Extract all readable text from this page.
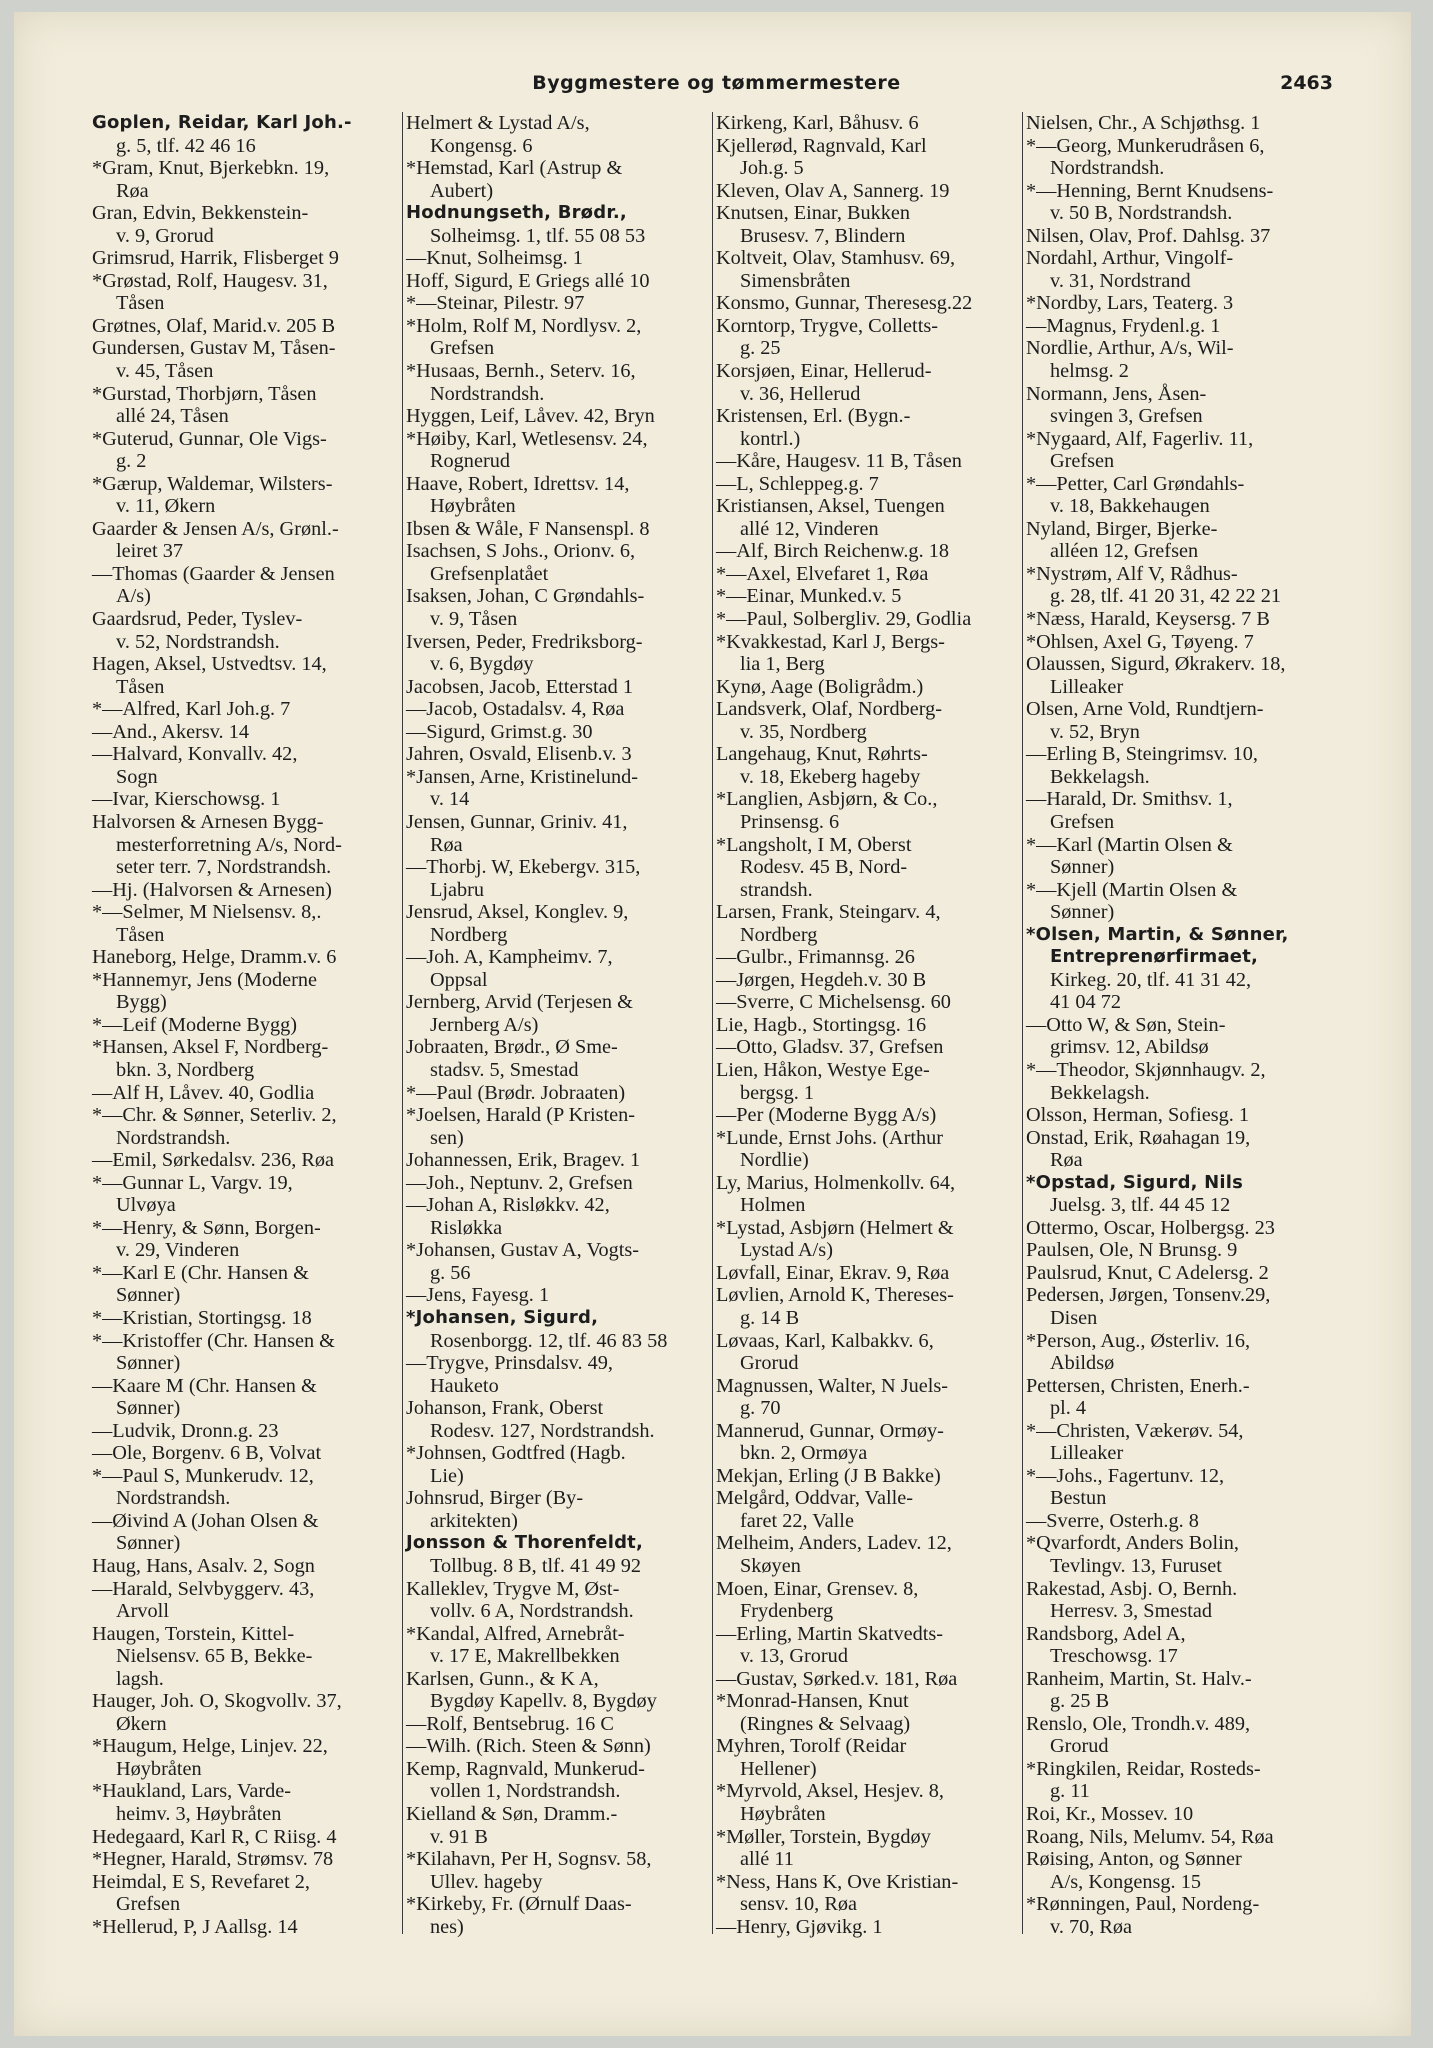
Byggmestere og tømmermestere	2463
Goplen, Reidar, Karl Joh.-
g. 5, tlf. 42 46 16
*Gram, Knut, Bjerkebkn. 19,
Røa
Gran, Edvin, Bekkenstein-
v. 9, Grorud
Grimsrud, Harrik, Flisberget 9
*Grøstad, Rolf, Haugesv. 31,
Tåsen
Grøtnes, Olaf, Marid.v. 205 B
Gundersen, Gustav M, Tåsen-
v. 45, Tåsen
*Gurstad, Thorbjørn, Tåsen
allé 24, Tåsen
*Guterud, Gunnar, Ole Vigs-
g. 2
*Gærup, Waldemar, Wilsters-
v. 11, Økern
Gaarder & Jensen A/s, Grønl.-
leiret 37
—Thomas (Gaarder & Jensen
A/s)
Gaardsrud, Peder, Tyslev-
v. 52, Nordstrandsh.
Hagen, Aksel, Ustvedtsv. 14,
Tåsen
*—Alfred, Karl Joh.g. 7
—And., Akersv. 14
—Halvard, Konvallv. 42,
Sogn
—Ivar, Kierschowsg. 1
Halvorsen & Arnesen Bygg-
mesterforretning A/s, Nord-
seter terr. 7, Nordstrandsh.
—Hj. (Halvorsen & Arnesen)
*—Selmer, M Nielsensv. 8,.
Tåsen
Haneborg, Helge, Dramm.v. 6
*Hannemyr, Jens (Moderne
Bygg)
*—Leif (Moderne Bygg)
*Hansen, Aksel F, Nordberg-
bkn. 3, Nordberg
—Alf H, Låvev. 40, Godlia
*—Chr. & Sønner, Seterliv. 2,
Nordstrandsh.
—Emil, Sørkedalsv. 236, Røa
*—Gunnar L, Vargv. 19,
Ulvøya
*—Henry, & Sønn, Borgen-
v. 29, Vinderen
*—Karl E (Chr. Hansen &
Sønner)
*—Kristian, Stortingsg. 18
*—Kristoffer (Chr. Hansen &
Sønner)
—Kaare M (Chr. Hansen &
Sønner)
—Ludvik, Dronn.g. 23
—Ole, Borgenv. 6 B, Volvat
*—Paul S, Munkerudv. 12,
Nordstrandsh.
—Øivind A (Johan Olsen &
Sønner)
Haug, Hans, Asalv. 2, Sogn
—Harald, Selvbyggerv. 43,
Arvoll
Haugen, Torstein, Kittel-
Nielsensv. 65 B, Bekke-
lagsh.
Hauger, Joh. O, Skogvollv. 37,
Økern
*Haugum, Helge, Linjev. 22,
Høybråten
*Haukland, Lars, Varde-
heimv. 3, Høybråten
Hedegaard, Karl R, C Riisg. 4
*Hegner, Harald, Strømsv. 78
Heimdal, E S, Revefaret 2,
Grefsen
*Hellerud, P, J Aallsg. 14
Helmert & Lystad A/s,
Kongensg. 6
*Hemstad, Karl (Astrup &
Aubert)
Hodnungseth, Brødr.,
Solheimsg. 1, tlf. 55 08 53
—Knut, Solheimsg. 1
Hoff, Sigurd, E Griegs allé 10
*—Steinar, Pilestr. 97
*Holm, Rolf M, Nordlysv. 2,
Grefsen
*Husaas, Bernh., Seterv. 16,
Nordstrandsh.
Hyggen, Leif, Låvev. 42, Bryn
*Høiby, Karl, Wetlesensv. 24,
Rognerud
Haave, Robert, Idrettsv. 14,
Høybråten
Ibsen & Wåle, F Nansenspl. 8
Isachsen, S Johs., Orionv. 6,
Grefsenplatået
Isaksen, Johan, C Grøndahls-
v. 9, Tåsen
Iversen, Peder, Fredriksborg-
v. 6, Bygdøy
Jacobsen, Jacob, Etterstad 1
—Jacob, Ostadalsv. 4, Røa
—Sigurd, Grimst.g. 30
Jahren, Osvald, Elisenb.v. 3
*Jansen, Arne, Kristinelund-
v. 14
Jensen, Gunnar, Griniv. 41,
Røa
—Thorbj. W, Ekebergv. 315,
Ljabru
Jensrud, Aksel, Konglev. 9,
Nordberg
—Joh. A, Kampheimv. 7,
Oppsal
Jernberg, Arvid (Terjesen &
Jernberg A/s)
Jobraaten, Brødr., Ø Sme-
stadsv. 5, Smestad
*—Paul (Brødr. Jobraaten)
*Joelsen, Harald (P Kristen-
sen)
Johannessen, Erik, Bragev. 1
—Joh., Neptunv. 2, Grefsen
—Johan A, Risløkkv. 42,
Risløkka
*Johansen, Gustav A, Vogts-
g. 56
—Jens, Fayesg. 1
*Johansen, Sigurd,
Rosenborgg. 12, tlf. 46 83 58
—Trygve, Prinsdalsv. 49,
Hauketo
Johanson, Frank, Oberst
Rodesv. 127, Nordstrandsh.
*Johnsen, Godtfred (Hagb.
Lie)
Johnsrud, Birger (By-
arkitekten)
Jonsson & Thorenfeldt,
Tollbug. 8 B, tlf. 41 49 92
Kalleklev, Trygve M, Øst-
vollv. 6 A, Nordstrandsh.
*Kandal, Alfred, Arnebråt-
v. 17 E, Makrellbekken
Karlsen, Gunn., & K A,
Bygdøy Kapellv. 8, Bygdøy
—Rolf, Bentsebrug. 16 C
—Wilh. (Rich. Steen & Sønn)
Kemp, Ragnvald, Munkerud-
vollen 1, Nordstrandsh.
Kielland & Søn, Dramm.-
v. 91 B
*Kilahavn, Per H, Sognsv. 58,
Ullev. hageby
*Kirkeby, Fr. (Ørnulf Daas-
nes)
Kirkeng, Karl, Båhusv. 6
Kjellerød, Ragnvald, Karl
Joh.g. 5
Kleven, Olav A, Sannerg. 19
Knutsen, Einar, Bukken
Brusesv. 7, Blindern
Koltveit, Olav, Stamhusv. 69,
Simensbråten
Konsmo, Gunnar, Theresesg.22
Korntorp, Trygve, Colletts-
g. 25
Korsjøen, Einar, Hellerud-
v. 36, Hellerud
Kristensen, Erl. (Bygn.-
kontrl.)
—Kåre, Haugesv. 11 B, Tåsen
—L, Schleppeg.g. 7
Kristiansen, Aksel, Tuengen
allé 12, Vinderen
—Alf, Birch Reichenw.g. 18
*—Axel, Elvefaret 1, Røa
*—Einar, Munked.v. 5
*—Paul, Solbergliv. 29, Godlia
*Kvakkestad, Karl J, Bergs-
lia 1, Berg
Kynø, Aage (Boligrådm.)
Landsverk, Olaf, Nordberg-
v. 35, Nordberg
Langehaug, Knut, Røhrts-
v. 18, Ekeberg hageby
*Langlien, Asbjørn, & Co.,
Prinsensg. 6
*Langsholt, I M, Oberst
Rodesv. 45 B, Nord-
strandsh.
Larsen, Frank, Steingarv. 4,
Nordberg
—Gulbr., Frimannsg. 26
—Jørgen, Hegdeh.v. 30 B
—Sverre, C Michelsensg. 60
Lie, Hagb., Stortingsg. 16
—Otto, Gladsv. 37, Grefsen
Lien, Håkon, Westye Ege-
bergsg. 1
—Per (Moderne Bygg A/s)
*Lunde, Ernst Johs. (Arthur
Nordlie)
Ly, Marius, Holmenkollv. 64,
Holmen
*Lystad, Asbjørn (Helmert &
Lystad A/s)
Løvfall, Einar, Ekrav. 9, Røa
Løvlien, Arnold K, Thereses-
g. 14 B
Løvaas, Karl, Kalbakkv. 6,
Grorud
Magnussen, Walter, N Juels-
g. 70
Mannerud, Gunnar, Ormøy-
bkn. 2, Ormøya
Mekjan, Erling (J B Bakke)
Melgård, Oddvar, Valle-
faret 22, Valle
Melheim, Anders, Ladev. 12,
Skøyen
Moen, Einar, Grensev. 8,
Frydenberg
—Erling, Martin Skatvedts-
v. 13, Grorud
—Gustav, Sørked.v. 181, Røa
*Monrad-Hansen, Knut
(Ringnes & Selvaag)
Myhren, Torolf (Reidar
Hellener)
*Myrvold, Aksel, Hesjev. 8,
Høybråten
*Møller, Torstein, Bygdøy
allé 11
*Ness, Hans K, Ove Kristian-
sensv. 10, Røa
—Henry, Gjøvikg. 1
Nielsen, Chr., A Schjøthsg. 1
*—Georg, Munkerudråsen 6,
Nordstrandsh.
*—Henning, Bernt Knudsens-
v. 50 B, Nordstrandsh.
Nilsen, Olav, Prof. Dahlsg. 37
Nordahl, Arthur, Vingolf-
v. 31, Nordstrand
*Nordby, Lars, Teaterg. 3
—Magnus, Frydenl.g. 1
Nordlie, Arthur, A/s, Wil-
helmsg. 2
Normann, Jens, Åsen-
svingen 3, Grefsen
*Nygaard, Alf, Fagerliv. 11,
Grefsen
*—Petter, Carl Grøndahls-
v. 18, Bakkehaugen
Nyland, Birger, Bjerke-
alléen 12, Grefsen
*Nystrøm, Alf V, Rådhus-
g. 28, tlf. 41 20 31, 42 22 21
*Næss, Harald, Keysersg. 7 B
*Ohlsen, Axel G, Tøyeng. 7
Olaussen, Sigurd, Økrakerv. 18,
Lilleaker
Olsen, Arne Vold, Rundtjern-
v. 52, Bryn
—Erling B, Steingrimsv. 10,
Bekkelagsh.
—Harald, Dr. Smithsv. 1,
Grefsen
*—Karl (Martin Olsen &
Sønner)
*—Kjell (Martin Olsen &
Sønner)
*Olsen, Martin, & Sønner,
Entreprenørfirmaet,
Kirkeg. 20, tlf. 41 31 42,
41 04 72
—Otto W, & Søn, Stein-
grimsv. 12, Abildsø
*—Theodor, Skjønnhaugv. 2,
Bekkelagsh.
Olsson, Herman, Sofiesg. 1
Onstad, Erik, Røahagan 19,
Røa
*Opstad, Sigurd, Nils
Juelsg. 3, tlf. 44 45 12
Ottermo, Oscar, Holbergsg. 23
Paulsen, Ole, N Brunsg. 9
Paulsrud, Knut, C Adelersg. 2
Pedersen, Jørgen, Tonsenv.29,
Disen
*Person, Aug., Østerliv. 16,
Abildsø
Pettersen, Christen, Enerh.-
pl. 4
*—Christen, Vækerøv. 54,
Lilleaker
*—Johs., Fagertunv. 12,
Bestun
—Sverre, Osterh.g. 8
*Qvarfordt, Anders Bolin,
Tevlingv. 13, Furuset
Rakestad, Asbj. O, Bernh.
Herresv. 3, Smestad
Randsborg, Adel A,
Treschowsg. 17
Ranheim, Martin, St. Halv.-
g. 25 B
Renslo, Ole, Trondh.v. 489,
Grorud
*Ringkilen, Reidar, Rosteds-
g. 11
Roi, Kr., Mossev. 10
Roang, Nils, Melumv. 54, Røa
Røising, Anton, og Sønner
A/s, Kongensg. 15
*Rønningen, Paul, Nordeng-
v. 70, Røa
